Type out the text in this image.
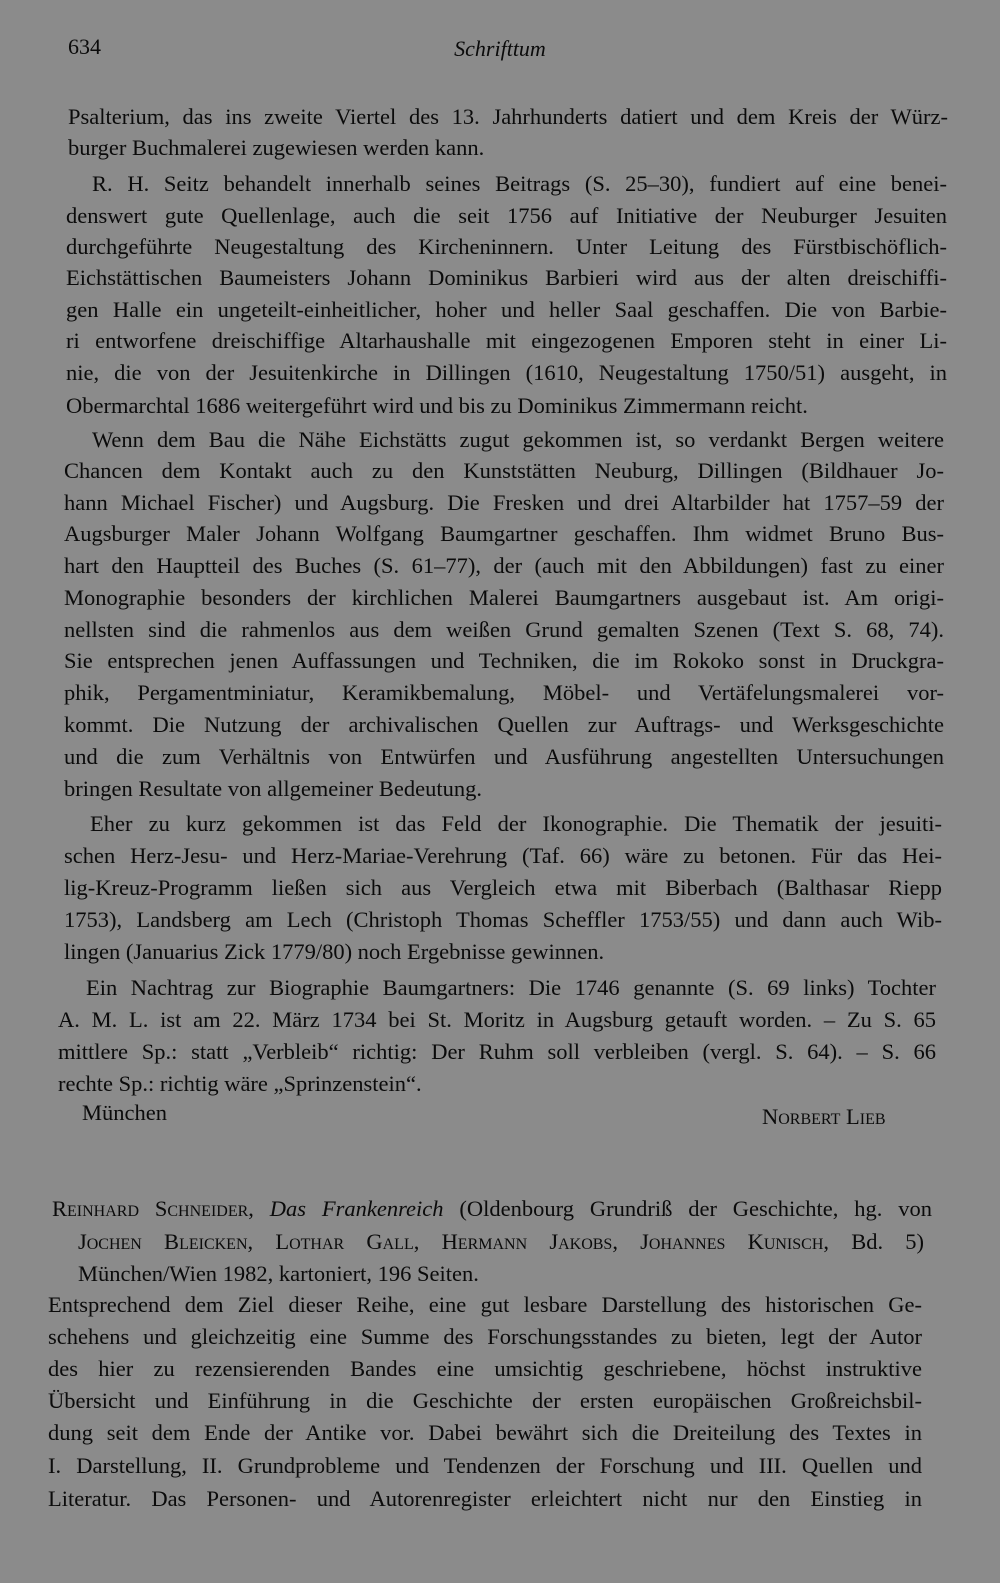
634	Schrifttum
Psalterium, das ins zweite Viertel des 13. Jahrhunderts datiert und dem Kreis der Würz-
burger Buchmalerei zugewiesen werden kann.
R. H. Seitz behandelt innerhalb seines Beitrags (S. 25–30), fundiert auf eine benei-
denswert gute Quellenlage, auch die seit 1756 auf Initiative der Neuburger Jesuiten
durchgeführte Neugestaltung des Kircheninnern. Unter Leitung des Fürstbischöflich-
Eichstättischen Baumeisters Johann Dominikus Barbieri wird aus der alten dreischiffi-
gen Halle ein ungeteilt-einheitlicher, hoher und heller Saal geschaffen. Die von Barbie-
ri entworfene dreischiffige Altarhaushalle mit eingezogenen Emporen steht in einer Li-
nie, die von der Jesuitenkirche in Dillingen (1610, Neugestaltung 1750/51) ausgeht, in
Obermarchtal 1686 weitergeführt wird und bis zu Dominikus Zimmermann reicht.
Wenn dem Bau die Nähe Eichstätts zugut gekommen ist, so verdankt Bergen weitere
Chancen dem Kontakt auch zu den Kunststätten Neuburg, Dillingen (Bildhauer Jo-
hann Michael Fischer) und Augsburg. Die Fresken und drei Altarbilder hat 1757–59 der
Augsburger Maler Johann Wolfgang Baumgartner geschaffen. Ihm widmet Bruno Bus-
hart den Hauptteil des Buches (S. 61–77), der (auch mit den Abbildungen) fast zu einer
Monographie besonders der kirchlichen Malerei Baumgartners ausgebaut ist. Am origi-
nellsten sind die rahmenlos aus dem weißen Grund gemalten Szenen (Text S. 68, 74).
Sie entsprechen jenen Auffassungen und Techniken, die im Rokoko sonst in Druckgra-
phik, Pergamentminiatur, Keramikbemalung, Möbel- und Vertäfelungsmalerei vor-
kommt. Die Nutzung der archivalischen Quellen zur Auftrags- und Werksgeschichte
und die zum Verhältnis von Entwürfen und Ausführung angestellten Untersuchungen
bringen Resultate von allgemeiner Bedeutung.
Eher zu kurz gekommen ist das Feld der Ikonographie. Die Thematik der jesuiti-
schen Herz-Jesu- und Herz-Mariae-Verehrung (Taf. 66) wäre zu betonen. Für das Hei-
lig-Kreuz-Programm ließen sich aus Vergleich etwa mit Biberbach (Balthasar Riepp
1753), Landsberg am Lech (Christoph Thomas Scheffler 1753/55) und dann auch Wib-
lingen (Januarius Zick 1779/80) noch Ergebnisse gewinnen.
Ein Nachtrag zur Biographie Baumgartners: Die 1746 genannte (S. 69 links) Tochter
A. M. L. ist am 22. März 1734 bei St. Moritz in Augsburg getauft worden. – Zu S. 65
mittlere Sp.: statt „Verbleib“ richtig: Der Ruhm soll verbleiben (vergl. S. 64). – S. 66
rechte Sp.: richtig wäre „Sprinzenstein“.
München	Norbert Lieb
Reinhard Schneider, Das Frankenreich (Oldenbourg Grundriß der Geschichte, hg. von
Jochen Bleicken, Lothar Gall, Hermann Jakobs, Johannes Kunisch, Bd. 5)
München/Wien 1982, kartoniert, 196 Seiten.
Entsprechend dem Ziel dieser Reihe, eine gut lesbare Darstellung des historischen Ge-
schehens und gleichzeitig eine Summe des Forschungsstandes zu bieten, legt der Autor
des hier zu rezensierenden Bandes eine umsichtig geschriebene, höchst instruktive
Übersicht und Einführung in die Geschichte der ersten europäischen Großreichsbil-
dung seit dem Ende der Antike vor. Dabei bewährt sich die Dreiteilung des Textes in
I. Darstellung, II. Grundprobleme und Tendenzen der Forschung und III. Quellen und
Literatur. Das Personen- und Autorenregister erleichtert nicht nur den Einstieg in
